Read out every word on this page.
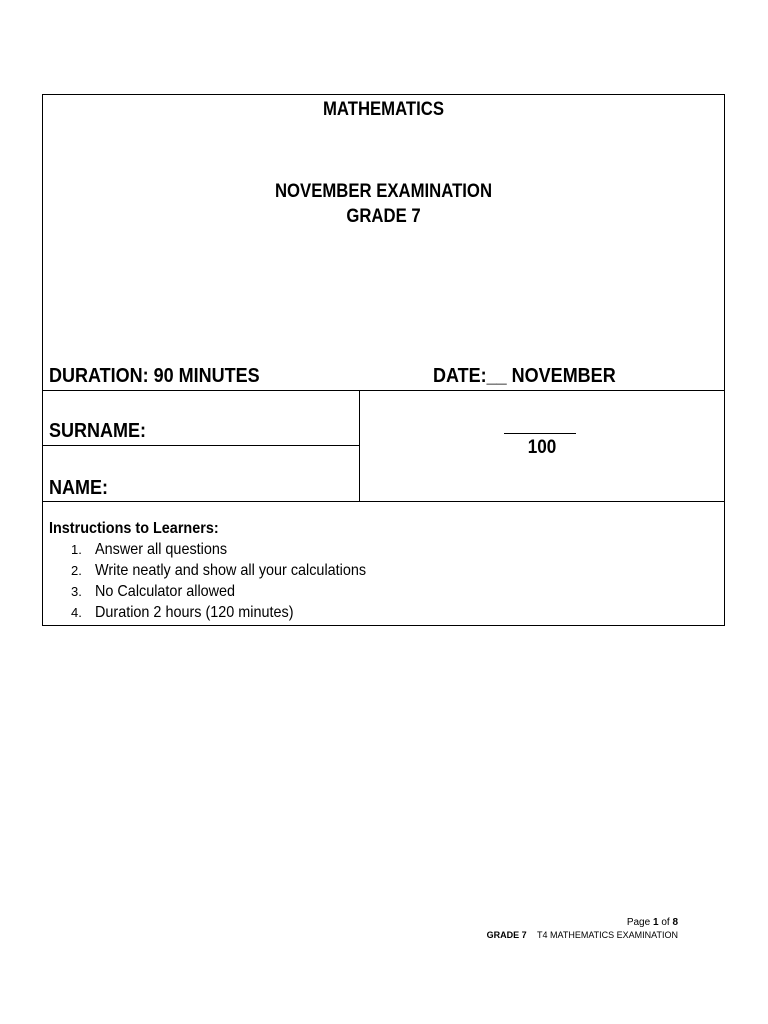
MATHEMATICS
NOVEMBER EXAMINATION
GRADE 7
DURATION: 90 MINUTES	DATE:__ NOVEMBER
SURNAME:
NAME:
100
Instructions to Learners:
1. Answer all questions
2. Write neatly and show all your calculations
3. No Calculator allowed
4. Duration 2 hours (120 minutes)
Page 1 of 8
GRADE 7 T4 MATHEMATICS EXAMINATION
